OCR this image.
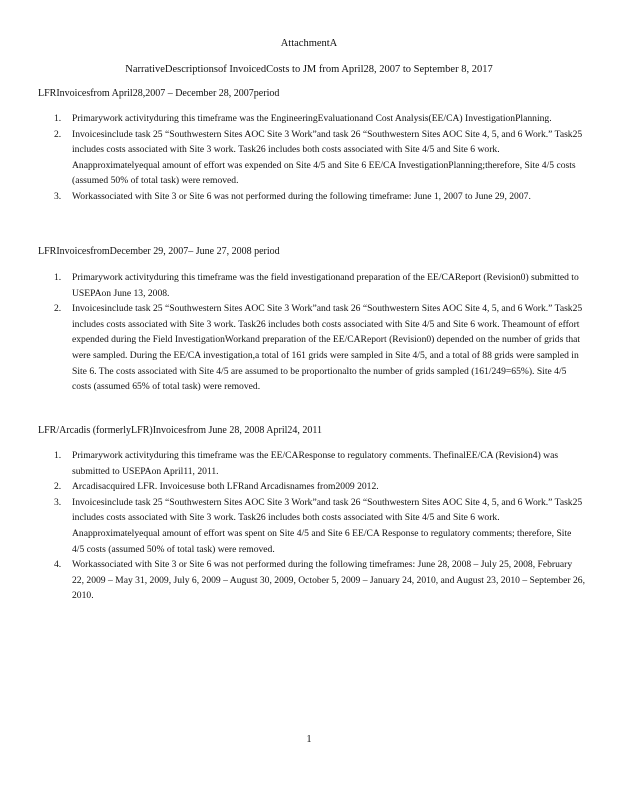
AttachmentA
NarrativeDescriptionsof InvoicedCosts to JM from April28, 2007 to September 8, 2017
LFRInvoicesfrom April28,2007 – December 28, 2007period
1. Primarywork activityduring this timeframe was the EngineeringEvaluationand Cost Analysis(EE/CA) InvestigationPlanning.
2. Invoicesinclude task 25 “Southwestern Sites AOC Site 3 Work”and task 26 “Southwestern Sites AOC Site 4, 5, and 6 Work.” Task25 includes costs associated with Site 3 work. Task26 includes both costs associated with Site 4/5 and Site 6 work. Anapproximatelyequal amount of effort was expended on Site 4/5 and Site 6 EE/CA InvestigationPlanning;therefore, Site 4/5 costs (assumed 50% of total task) were removed.
3. Workassociated with Site 3 or Site 6 was not performed during the following timeframe: June 1, 2007 to June 29, 2007.
LFRInvoicesfromDecember 29, 2007– June 27, 2008 period
1. Primarywork activityduring this timeframe was the field investigationand preparation of the EE/CAReport (Revision0) submitted to USEPAon June 13, 2008.
2. Invoicesinclude task 25 “Southwestern Sites AOC Site 3 Work”and task 26 “Southwestern Sites AOC Site 4, 5, and 6 Work.” Task25 includes costs associated with Site 3 work. Task26 includes both costs associated with Site 4/5 and Site 6 work. Theamount of effort expended during the Field InvestigationWorkand preparation of the EE/CAReport (Revision0) depended on the number of grids that were sampled. During the EE/CA investigation,a total of 161 grids were sampled in Site 4/5, and a total of 88 grids were sampled in Site 6. The costs associated with Site 4/5 are assumed to be proportionalto the number of grids sampled (161/249=65%). Site 4/5 costs (assumed 65% of total task) were removed.
LFR/Arcadis (formerlyLFR)Invoicesfrom June 28, 2008 April24, 2011
1. Primarywork activityduring this timeframe was the EE/CAResponse to regulatory comments. ThefinalEE/CA (Revision4) was submitted to USEPAon April11, 2011.
2. Arcadisacquired LFR. Invoicesuse both LFRand Arcadisnames from2009 2012.
3. Invoicesinclude task 25 “Southwestern Sites AOC Site 3 Work”and task 26 “Southwestern Sites AOC Site 4, 5, and 6 Work.” Task25 includes costs associated with Site 3 work. Task26 includes both costs associated with Site 4/5 and Site 6 work. Anapproximatelyequal amount of effort was spent on Site 4/5 and Site 6 EE/CA Response to regulatory comments; therefore, Site 4/5 costs (assumed 50% of total task) were removed.
4. Workassociated with Site 3 or Site 6 was not performed during the following timeframes: June 28, 2008 – July 25, 2008, February 22, 2009 – May 31, 2009, July 6, 2009 – August 30, 2009, October 5, 2009 – January 24, 2010, and August 23, 2010 – September 26, 2010.
1
